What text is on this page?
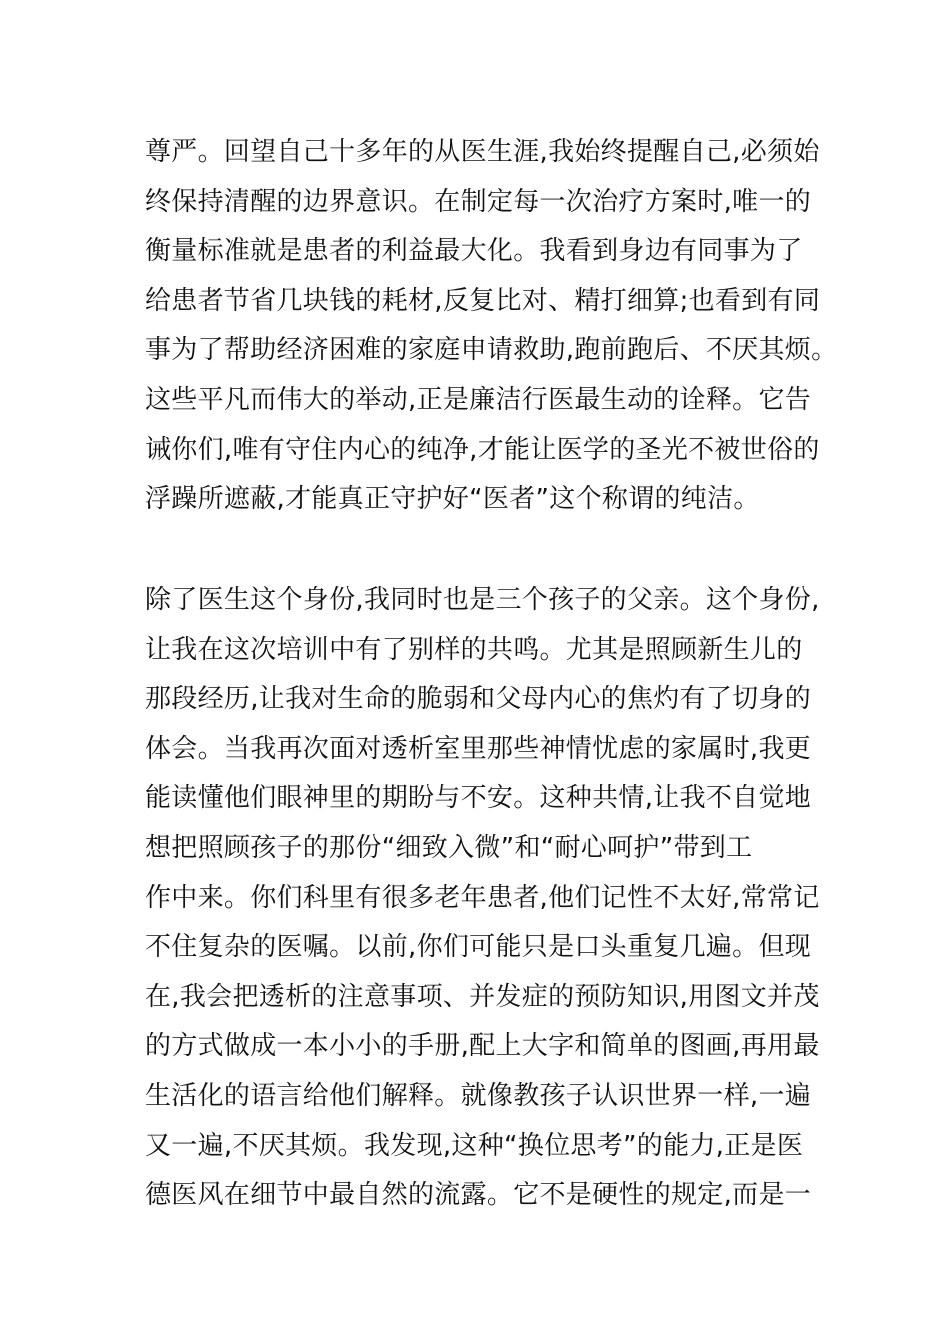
尊严。回望自己十多年的从医生涯,我始终提醒自己,必须始
终保持清醒的边界意识。在制定每一次治疗方案时,唯一的
衡量标准就是患者的利益最大化。我看到身边有同事为了
给患者节省几块钱的耗材,反复比对、精打细算;也看到有同
事为了帮助经济困难的家庭申请救助,跑前跑后、不厌其烦。
这些平凡而伟大的举动,正是廉洁行医最生动的诠释。它告
诫你们,唯有守住内心的纯净,才能让医学的圣光不被世俗的
浮躁所遮蔽,才能真正守护好“医者”这个称谓的纯洁。
除了医生这个身份,我同时也是三个孩子的父亲。这个身份,
让我在这次培训中有了别样的共鸣。尤其是照顾新生儿的
那段经历,让我对生命的脆弱和父母内心的焦灼有了切身的
体会。当我再次面对透析室里那些神情忧虑的家属时,我更
能读懂他们眼神里的期盼与不安。这种共情,让我不自觉地
想把照顾孩子的那份“细致入微”和“耐心呵护”带到工
作中来。你们科里有很多老年患者,他们记性不太好,常常记
不住复杂的医嘱。以前,你们可能只是口头重复几遍。但现
在,我会把透析的注意事项、并发症的预防知识,用图文并茂
的方式做成一本小小的手册,配上大字和简单的图画,再用最
生活化的语言给他们解释。就像教孩子认识世界一样,一遍
又一遍,不厌其烦。我发现,这种“换位思考”的能力,正是医
德医风在细节中最自然的流露。它不是硬性的规定,而是一
